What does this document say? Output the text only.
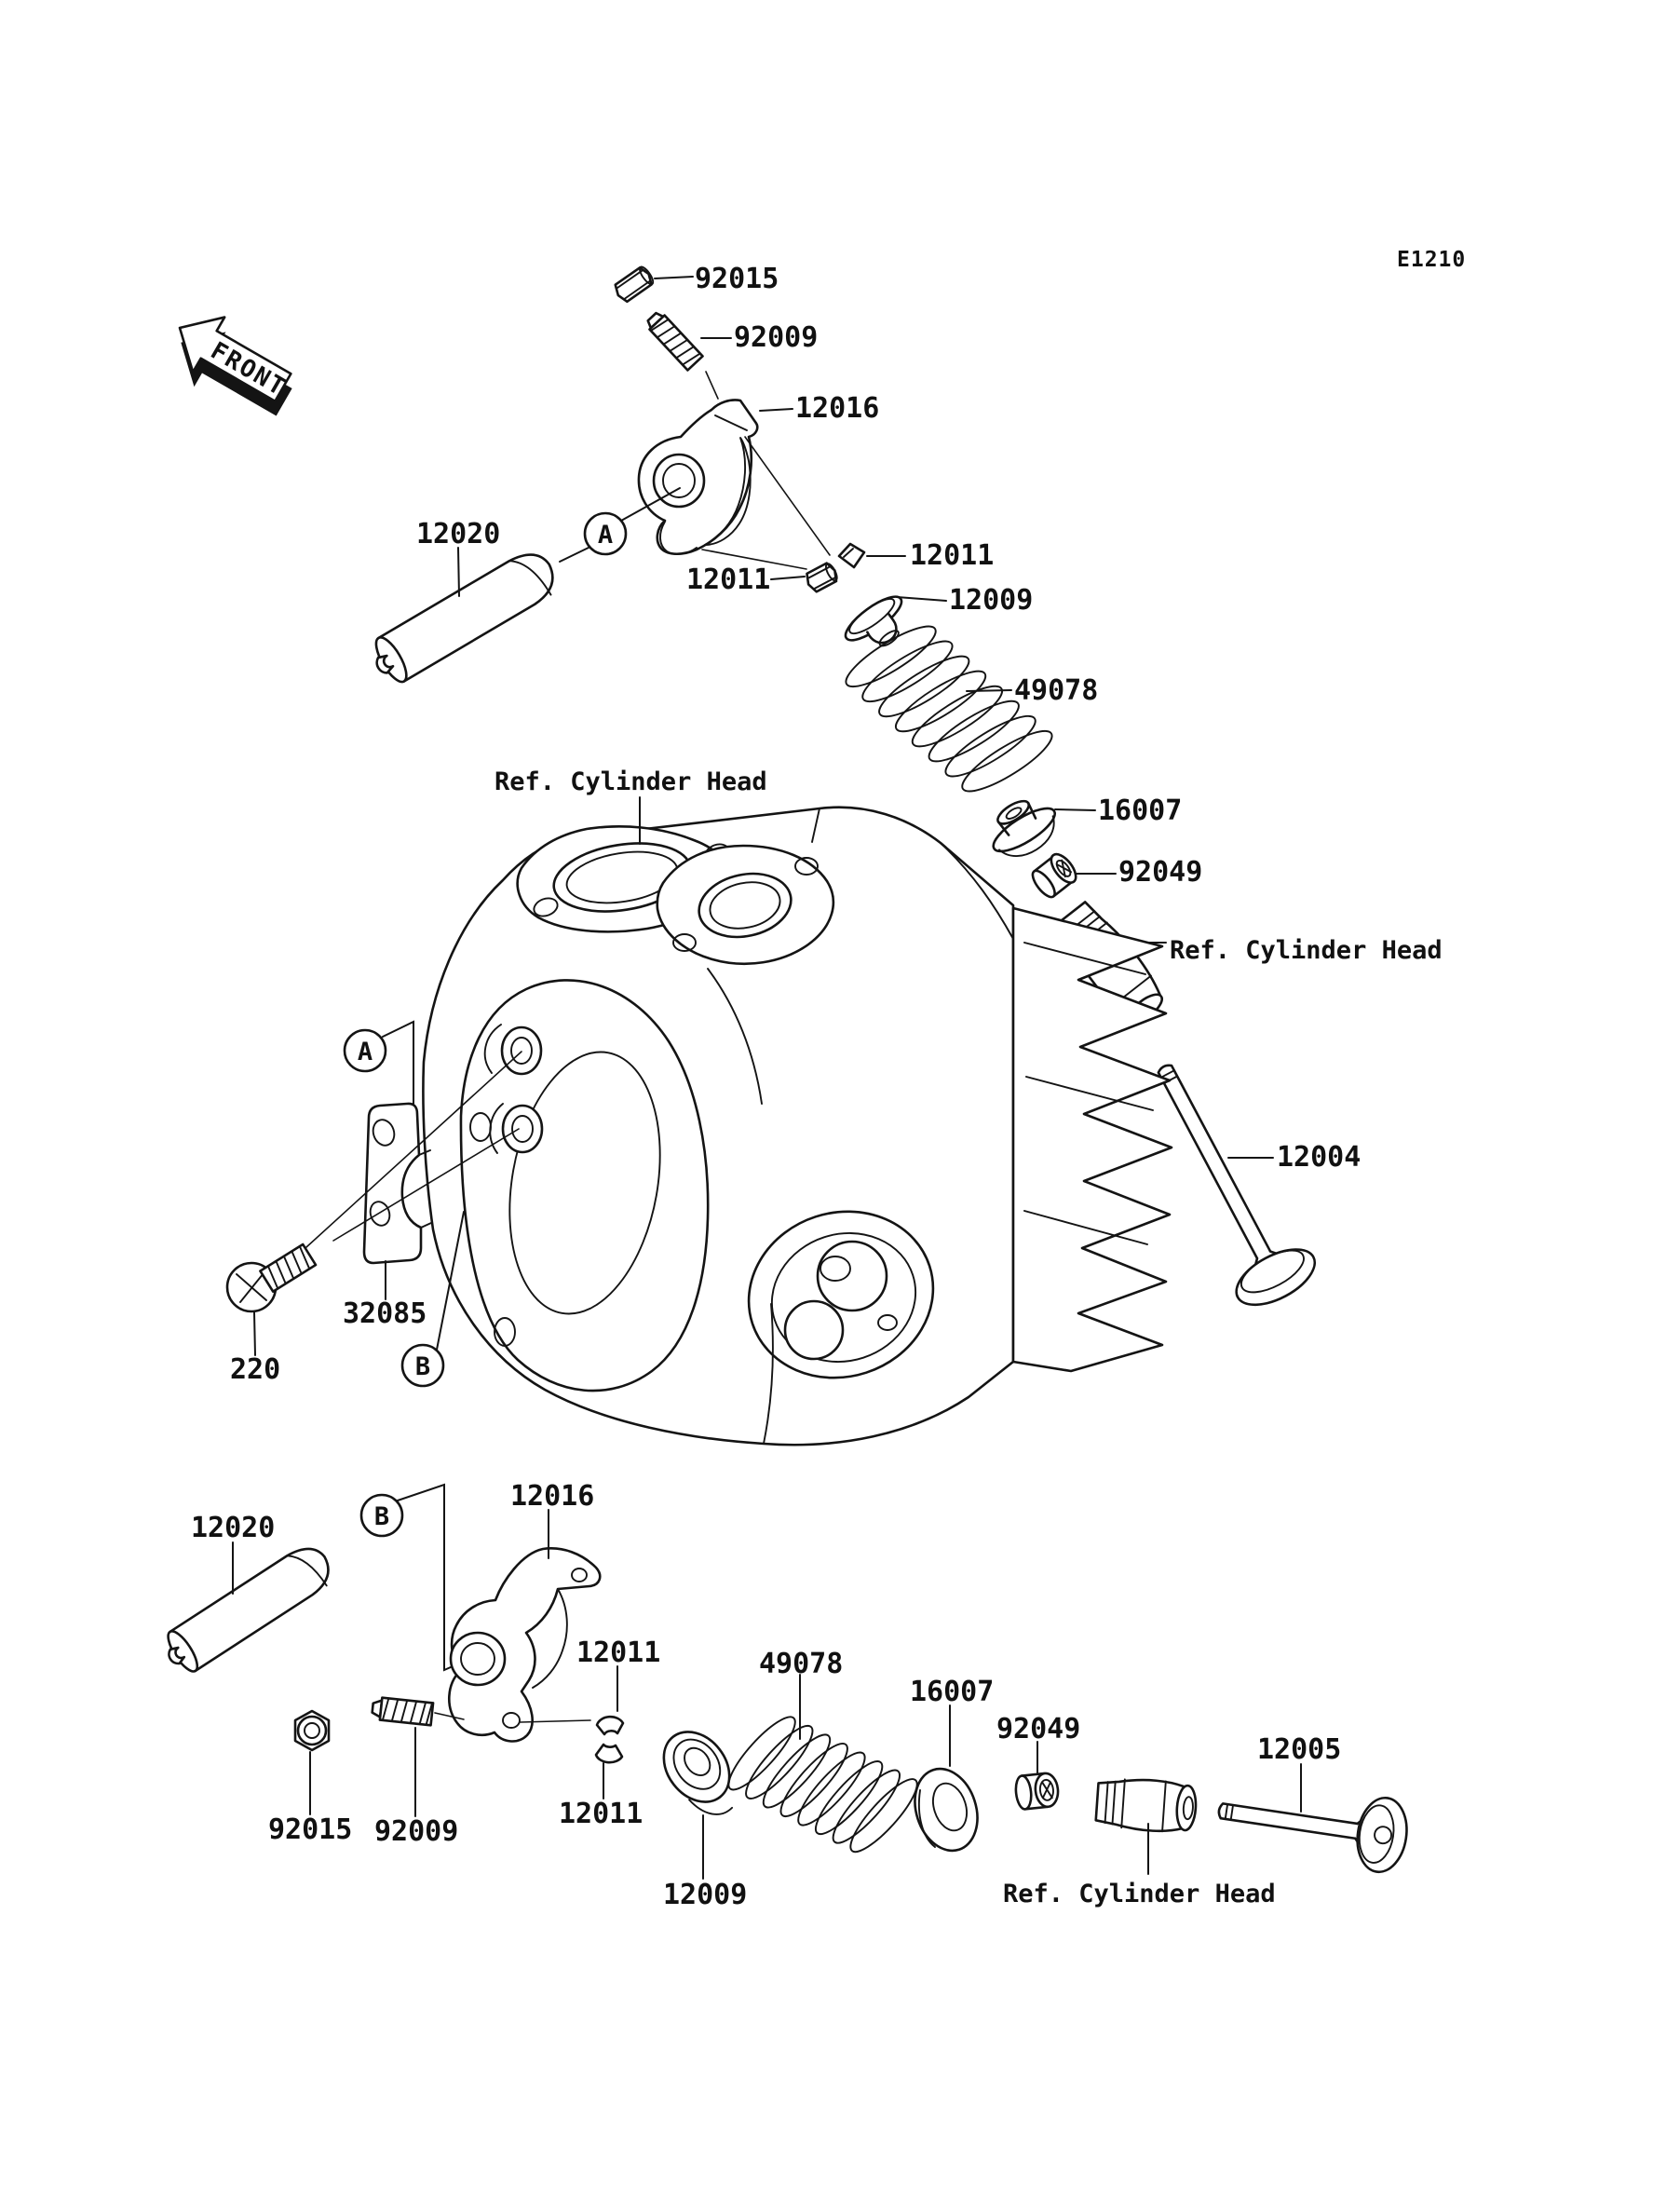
E1210
FRONT
92015
92009
12016
12020	A
12011
12011
12009
49078
16007
92049
Ref. Cylinder Head
12004
Ref. Cylinder Head
A
B
32085
220
12020	B
12016
92015 92009
12011
12011
12009
49078
16007
92049
Ref. Cylinder Head
12005
